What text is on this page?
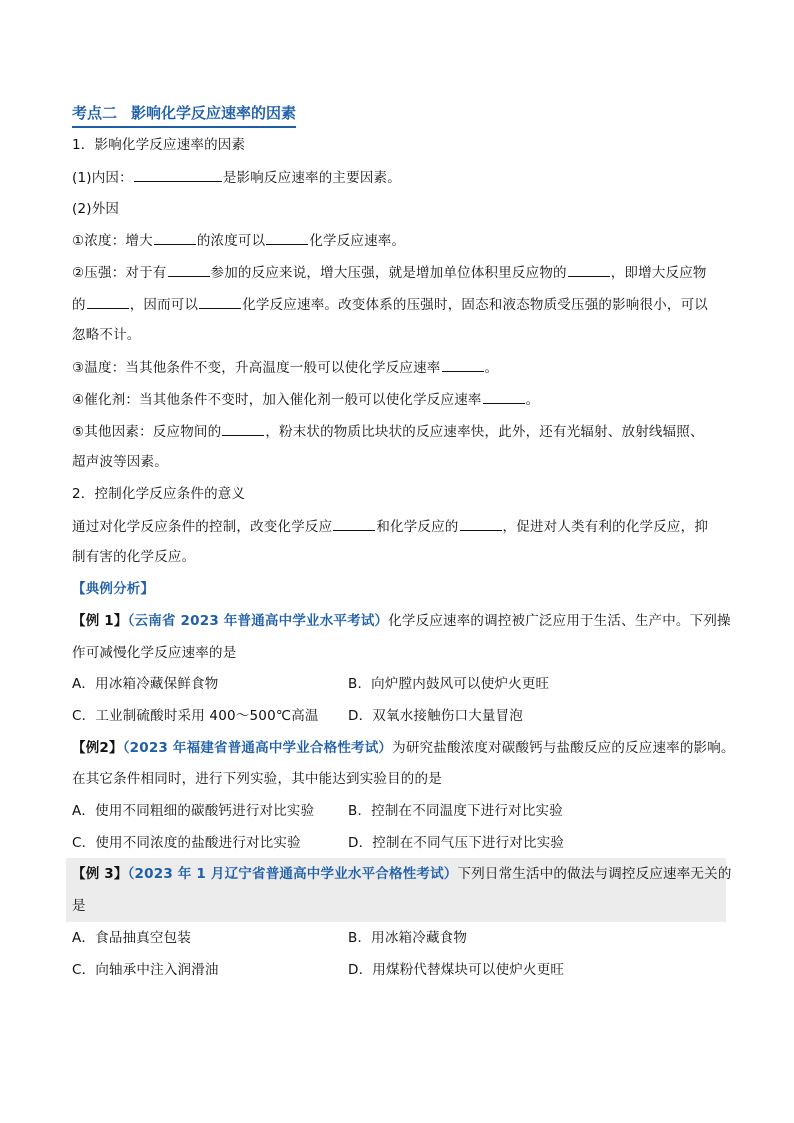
考点二 影响化学反应速率的因素
1．影响化学反应速率的因素
(1)内因：	是影响反应速率的主要因素。
(2)外因
①浓度：增大	的浓度可以	化学反应速率。
②压强：对于有	参加的反应来说，增大压强，就是增加单位体积里反应物的	，即增大反应物
的	，因而可以	化学反应速率。改变体系的压强时，固态和液态物质受压强的影响很小，可以
忽略不计。
③温度：当其他条件不变，升高温度一般可以使化学反应速率	。
④催化剂：当其他条件不变时，加入催化剂一般可以使化学反应速率	。
⑤其他因素：反应物间的	，粉末状的物质比块状的反应速率快，此外，还有光辐射、放射线辐照、
超声波等因素。
2．控制化学反应条件的意义
通过对化学反应条件的控制，改变化学反应	和化学反应的	，促进对人类有利的化学反应，抑
制有害的化学反应。
【典例分析】
【例 1】（云南省 2023 年普通高中学业水平考试）化学反应速率的调控被广泛应用于生活、生产中。下列操
作可减慢化学反应速率的是
A．用冰箱冷藏保鲜食物	B．向炉膛内鼓风可以使炉火更旺
C．工业制硫酸时采用 400～500℃高温 D．双氧水接触伤口大量冒泡
【例2】（2023 年福建省普通高中学业合格性考试）为研究盐酸浓度对碳酸钙与盐酸反应的反应速率的影响。
在其它条件相同时，进行下列实验，其中能达到实验目的的是
A．使用不同粗细的碳酸钙进行对比实验 B．控制在不同温度下进行对比实验
C．使用不同浓度的盐酸进行对比实验	D．控制在不同气压下进行对比实验
【例 3】（2023 年 1 月辽宁省普通高中学业水平合格性考试）下列日常生活中的做法与调控反应速率无关的
是
A．食品抽真空包装	B．用冰箱冷藏食物
C．向轴承中注入润滑油	D．用煤粉代替煤块可以使炉火更旺
